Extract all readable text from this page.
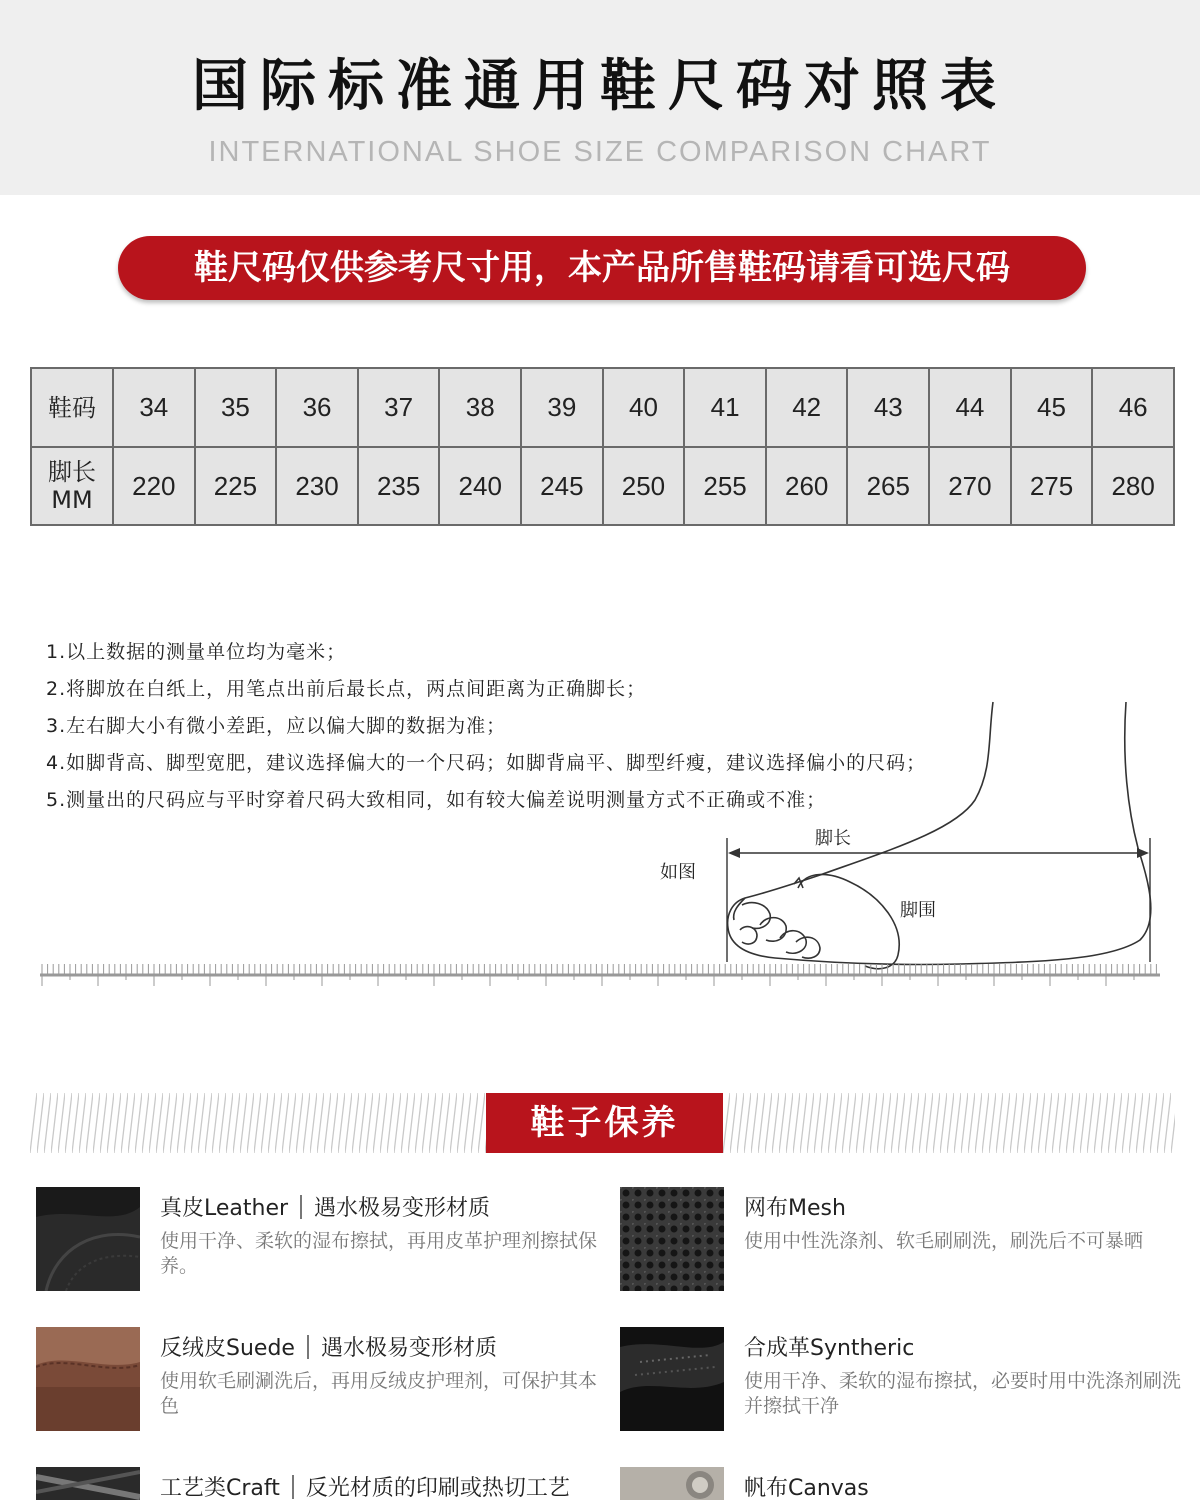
国际标准通用鞋尺码对照表
INTERNATIONAL SHOE SIZE COMPARISON CHART
鞋尺码仅供参考尺寸用，本产品所售鞋码请看可选尺码
鞋码	34	35	36	37	38	39	40	41	42	43	44	45	46

脚长
MM	220	225	230	235	240	245	250	255	260	265	270	275	280

1.以上数据的测量单位均为毫米；

2.将脚放在白纸上，用笔点出前后最长点，两点间距离为正确脚长；

3.左右脚大小有微小差距，应以偏大脚的数据为准；

4.如脚背高、脚型宽肥，建议选择偏大的一个尺码；如脚背扁平、脚型纤瘦，建议选择偏小的尺码；

5.测量出的尺码应与平时穿着尺码大致相同，如有较大偏差说明测量方式不正确或不准；

如图
脚长
脚围
鞋子保养
真皮Leather 遇水极易变形材质
使用干净、柔软的湿布擦拭，再用皮革护理剂擦拭保养。
网布Mesh
使用中性洗涤剂、软毛刷刷洗，刷洗后不可暴晒
反绒皮Suede 遇水极易变形材质
使用软毛刷涮洗后，再用反绒皮护理剂，可保护其本色
合成革Syntheric
使用干净、柔软的湿布擦拭，必要时用中洗涤剂刷洗并擦拭干净
工艺类Craft 反光材质的印刷或热切工艺	帆布Canvas
